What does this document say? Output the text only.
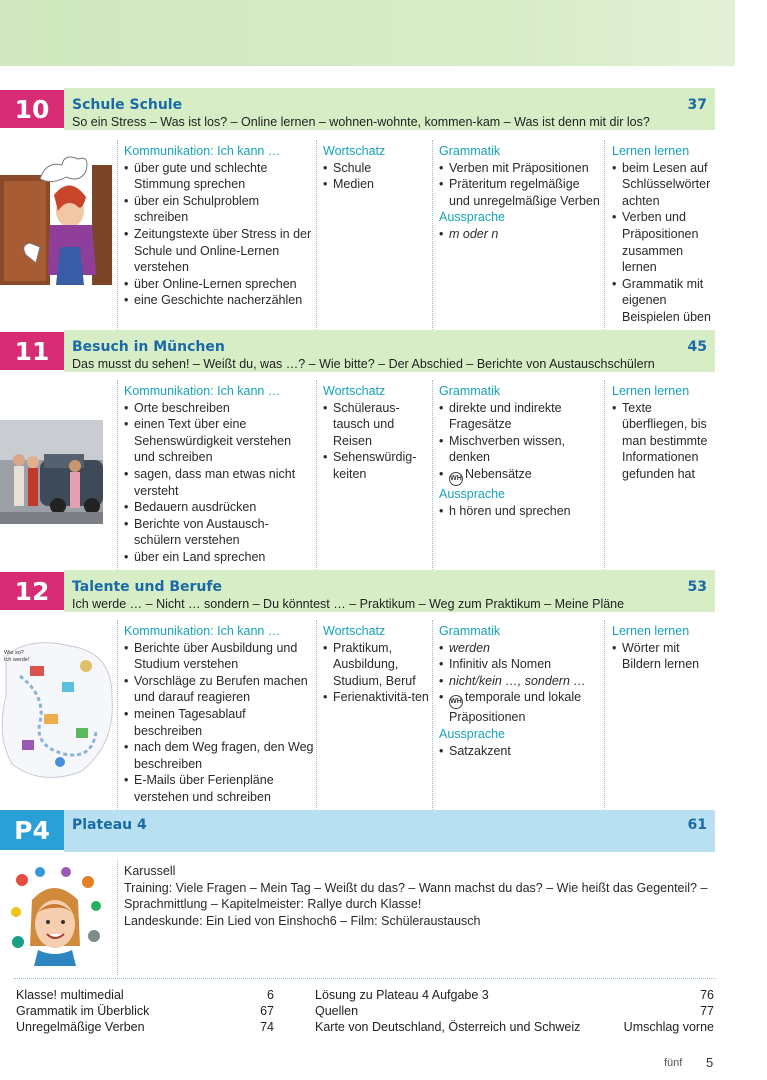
10	Schule Schule	37
So ein Stress – Was ist los? – Online lernen – wohnen-wohnte, kommen-kam – Was ist denn mit dir los?
Kommunikation: Ich kann …
• über gute und schlechte Stimmung sprechen
• über ein Schulproblem schreiben
• Zeitungstexte über Stress in der Schule und Online-Lernen verstehen
• über Online-Lernen sprechen
• eine Geschichte nacherzählen
Wortschatz
• Schule
• Medien
Grammatik
• Verben mit Präpositionen
• Präteritum regelmäßige und unregelmäßige Verben
Aussprache
• m oder n
Lernen lernen
• beim Lesen auf Schlüsselwörter achten
• Verben und Präpositionen zusammen lernen
• Grammatik mit eigenen Beispielen üben
11	Besuch in München	45
Das musst du sehen! – Weißt du, was …? – Wie bitte? – Der Abschied – Berichte von Austauschschülern
Kommunikation: Ich kann …
• Orte beschreiben
• einen Text über eine Sehenswürdigkeit verstehen und schreiben
• sagen, dass man etwas nicht versteht
• Bedauern ausdrücken
• Berichte von Austausch-schülern verstehen
• über ein Land sprechen
Wortschatz
• Schüleraus-tausch und Reisen
• Sehenswürdig-keiten
Grammatik
• direkte und indirekte Fragesätze
• Mischverben wissen, denken
• WH Nebensätze
Aussprache
• h hören und sprechen
Lernen lernen
• Texte überfliegen, bis man bestimmte Informationen gefunden hat
12	Talente und Berufe	53
Ich werde … – Nicht … sondern – Du könntest … – Praktikum – Weg zum Praktikum – Meine Pläne
Wie so? Ich werde!
Kommunikation: Ich kann …
• Berichte über Ausbildung und Studium verstehen
• Vorschläge zu Berufen machen und darauf reagieren
• meinen Tagesablauf beschreiben
• nach dem Weg fragen, den Weg beschreiben
• E-Mails über Ferienpläne verstehen und schreiben
Wortschatz
• Praktikum, Ausbildung, Studium, Beruf
• Ferienaktivitä-ten
Grammatik
• werden
• Infinitiv als Nomen
• nicht/kein …, sondern …
• WH temporale und lokale Präpositionen
Aussprache
• Satzakzent
Lernen lernen
• Wörter mit Bildern lernen
P4	Plateau 4	61
Karussell
Training: Viele Fragen – Mein Tag – Weißt du das? – Wann machst du das? – Wie heißt das Gegenteil? –
Sprachmittlung – Kapitelmeister: Rallye durch Klasse!
Landeskunde: Ein Lied von Einshoch6 – Film: Schüleraustausch
Klasse! multimedial	6
Grammatik im Überblick	67
Unregelmäßige Verben	74
Lösung zu Plateau 4 Aufgabe 3	76
Quellen	77
Karte von Deutschland, Österreich und Schweiz	Umschlag vorne
fünf 5
